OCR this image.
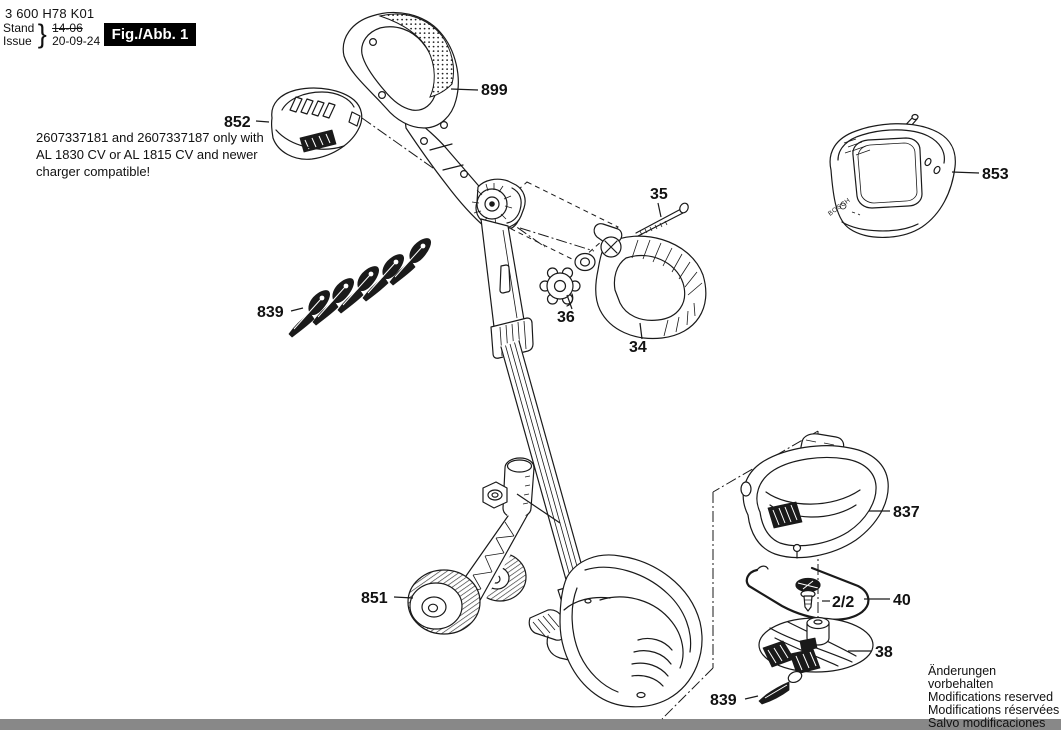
3 600 H78 K01
Stand
Issue } 14-06
20-09-24 Fig./Abb. 1
2607337181 and 2607337187 only with
AL 1830 CV or AL 1815 CV and newer
charger compatible!
Änderungen vorbehalten
Modifications reserved
Modifications réservées
Salvo modificaciones
BOSCH
899
852
853
35
36
34
839
851
837
2/2 40
38
839
